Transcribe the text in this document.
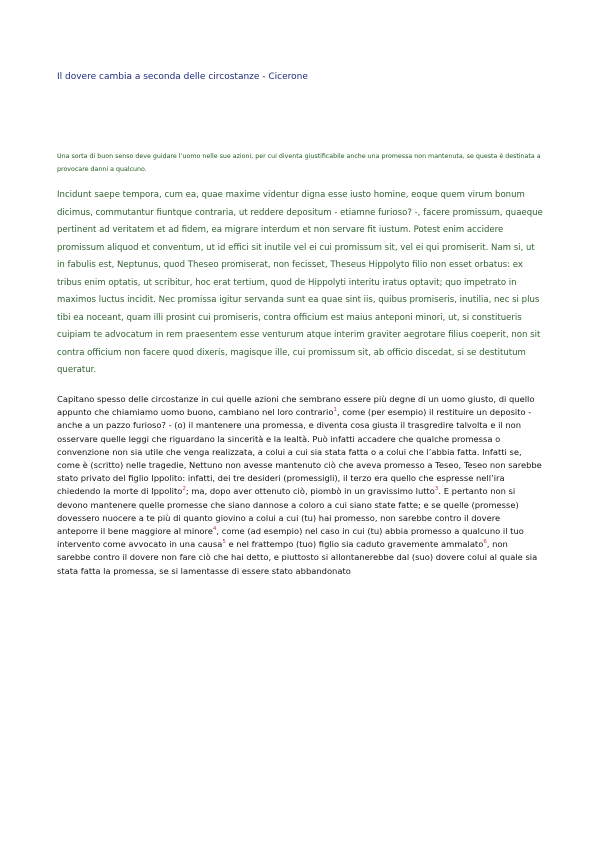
Il dovere cambia a seconda delle circostanze - Cicerone
Una sorta di buon senso deve guidare l’uomo nelle sue azioni, per cui diventa giustificabile anche una promessa non mantenuta, se questa è destinata a provocare danni a qualcuno.
Incidunt saepe tempora, cum ea, quae maxime videntur digna esse iusto homine, eoque quem virum bonum dicimus, commutantur fiuntque contraria, ut reddere depositum - etiamne furioso? -, facere promissum, quaeque pertinent ad veritatem et ad fidem, ea migrare interdum et non servare fit iustum. Potest enim accidere promissum aliquod et conventum, ut id effici sit inutile vel ei cui promissum sit, vel ei qui promiserit. Nam si, ut in fabulis est, Neptunus, quod Theseo promiserat, non fecisset, Theseus Hippolyto filio non esset orbatus: ex tribus enim optatis, ut scribitur, hoc erat tertium, quod de Hippolyti interitu iratus optavit; quo impetrato in maximos luctus incidit. Nec promissa igitur servanda sunt ea quae sint iis, quibus promiseris, inutilia, nec si plus tibi ea noceant, quam illi prosint cui promiseris, contra officium est maius anteponi minori, ut, si constitueris cuipiam te advocatum in rem praesentem esse venturum atque interim graviter aegrotare filius coeperit, non sit contra officium non facere quod dixeris, magisque ille, cui promissum sit, ab officio discedat, si se destitutum queratur.
Capitano spesso delle circostanze in cui quelle azioni che sembrano essere più degne di un uomo giusto, di quello appunto che chiamiamo uomo buono, cambiano nel loro contrario$^1$, come (per esempio) il restituire un deposito - anche a un pazzo furioso? - (o) il mantenere una promessa, e diventa cosa giusta il trasgredire talvolta e il non osservare quelle leggi che riguardano la sincerità e la lealtà. Può infatti accadere che qualche promessa o convenzione non sia utile che venga realizzata, a colui a cui sia stata fatta o a colui che l’abbia fatta. Infatti se, come è (scritto) nelle tragedie, Nettuno non avesse mantenuto ciò che aveva promesso a Teseo, Teseo non sarebbe stato privato del figlio Ippolito: infatti, dei tre desideri (promessigli), il terzo era quello che espresse nell’ira chiedendo la morte di Ippolito$^2$; ma, dopo aver ottenuto ciò, piombò in un gravissimo lutto$^3$. E pertanto non si devono mantenere quelle promesse che siano dannose a coloro a cui siano state fatte; e se quelle (promesse) dovessero nuocere a te più di quanto giovino a colui a cui (tu) hai promesso, non sarebbe contro il dovere anteporre il bene maggiore al minore$^4$, come (ad esempio) nel caso in cui (tu) abbia promesso a qualcuno il tuo intervento come avvocato in una causa$^5$ e nel frattempo (tuo) figlio sia caduto gravemente ammalato$^6$, non sarebbe contro il dovere non fare ciò che hai detto, e piuttosto si allontanerebbe dal (suo) dovere colui al quale sia stata fatta la promessa, se si lamentasse di essere stato abbandonato
